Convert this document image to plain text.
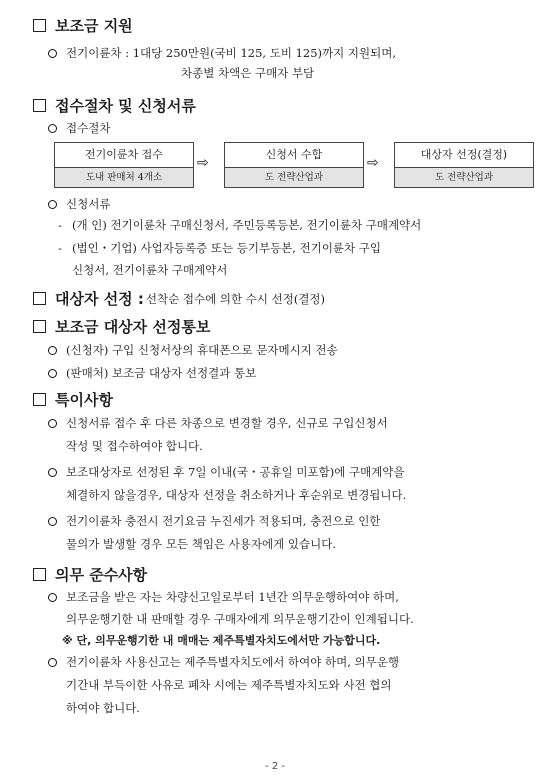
보조금 지원
전기이륜차 : 1대당 250만원(국비 125, 도비 125)까지 지원되며,
차종별 차액은 구매자 부담
접수절차 및 신청서류
접수절차
전기이륜차 접수
도내 판매처 4개소
⇨
신청서 수합
도 전략산업과
⇨
대상자 선정(결정)
도 전략산업과
신청서류
- (개 인) 전기이륜차 구매신청서, 주민등록등본, 전기이륜차 구매계약서
- (법인・기업) 사업자등록증 또는 등기부등본, 전기이륜차 구입
신청서, 전기이륜차 구매계약서
대상자 선정 : 선착순 접수에 의한 수시 선정(결정)
보조금 대상자 선정통보
(신청자) 구입 신청서상의 휴대폰으로 문자메시지 전송
(판매처) 보조금 대상자 선정결과 통보
특이사항
신청서류 접수 후 다른 차종으로 변경할 경우, 신규로 구입신청서
작성 및 접수하여야 합니다.
보조대상자로 선정된 후 7일 이내(국・공휴일 미포함)에 구매계약을
체결하지 않을경우, 대상자 선정을 취소하거나 후순위로 변경됩니다.
전기이륜차 충전시 전기요금 누진세가 적용되며, 충전으로 인한
물의가 발생할 경우 모든 책임은 사용자에게 있습니다.
의무 준수사항
보조금을 받은 자는 차량신고일로부터 1년간 의무운행하여야 하며,
의무운행기한 내 판매할 경우 구매자에게 의무운행기간이 인계됩니다.
※ 단, 의무운행기한 내 매매는 제주특별자치도에서만 가능합니다.
전기이륜차 사용신고는 제주특별자치도에서 하여야 하며, 의무운행
기간내 부득이한 사유로 폐차 시에는 제주특별자치도와 사전 협의
하여야 합니다.
- 2 -
